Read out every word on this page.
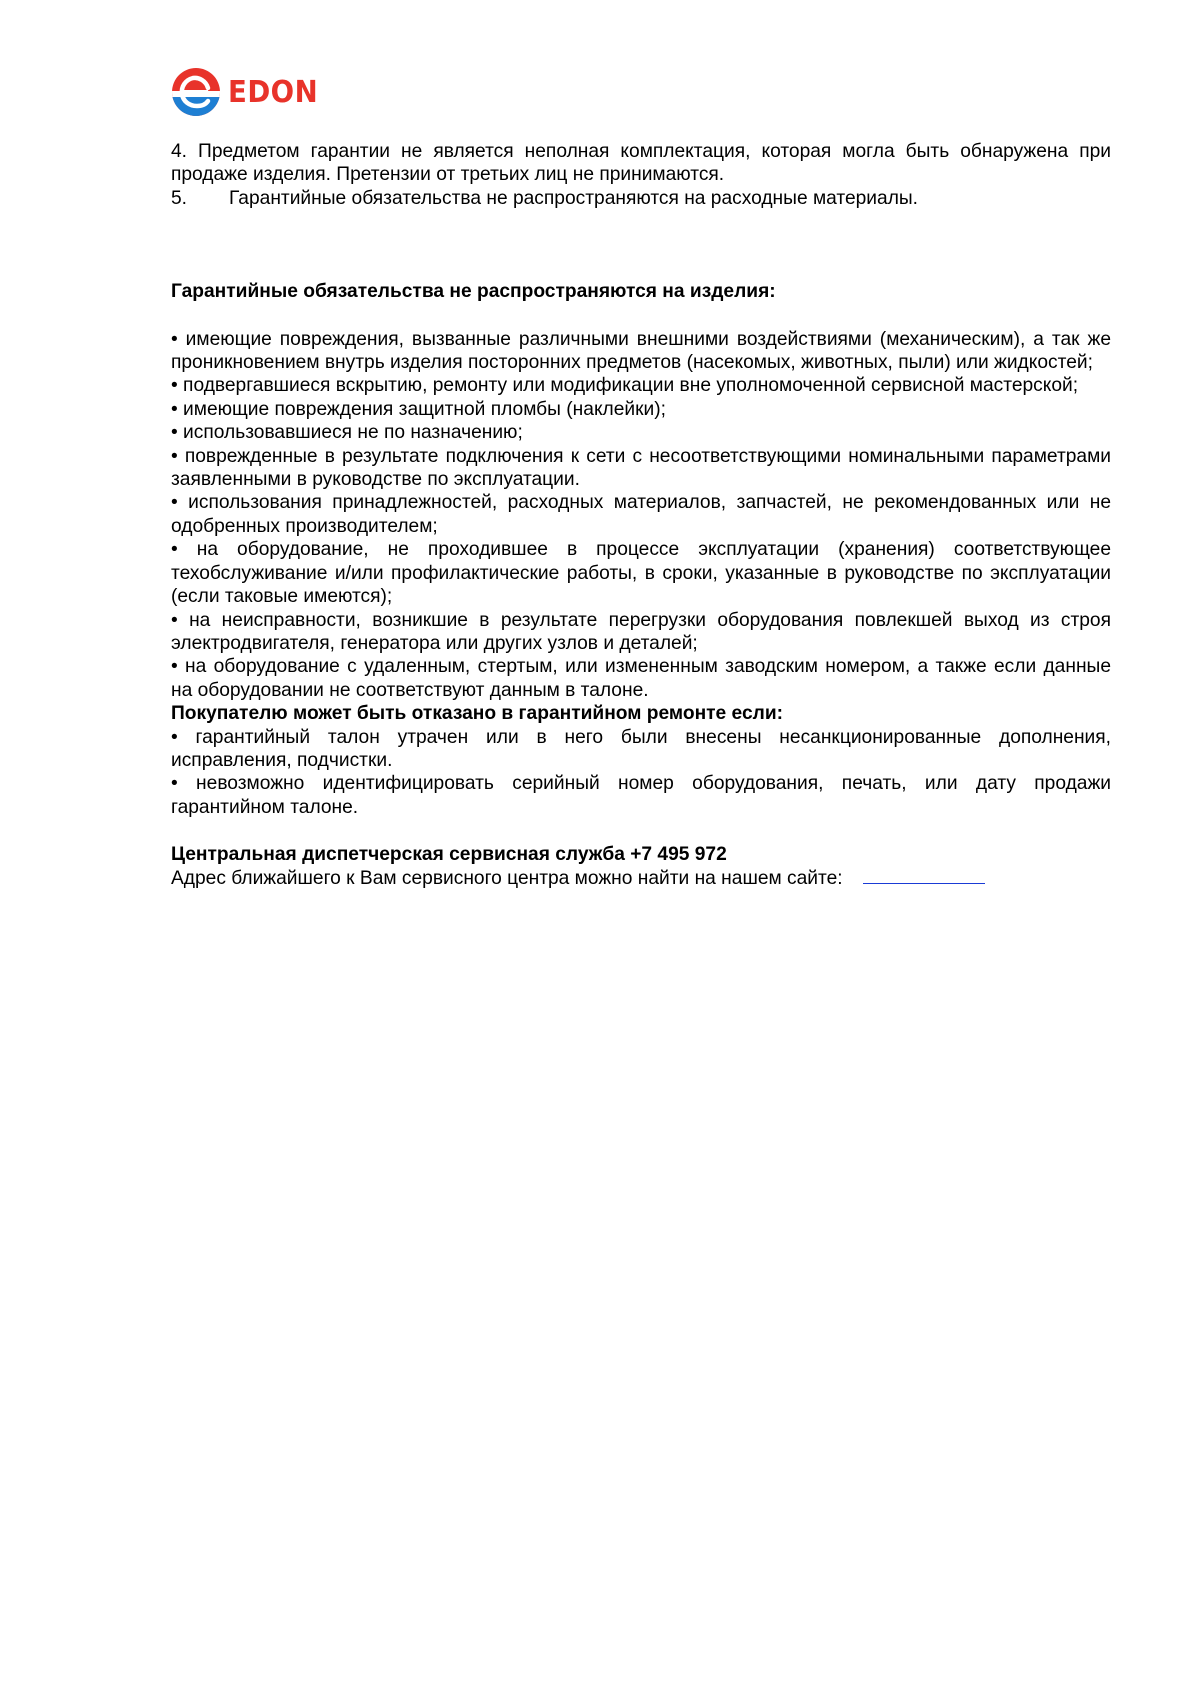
EDON

4. Предметом гарантии не является неполная комплектация, которая могла быть обнаружена при продаже изделия. Претензии от третьих лиц не принимаются.

5. Гарантийные обязательства не распространяются на расходные материалы.

Гарантийные обязательства не распространяются на изделия:

• имеющие повреждения, вызванные различными внешними воздействиями (механическим), а так же проникновением внутрь изделия посторонних предметов (насекомых, животных, пыли) или жидкостей;

• подвергавшиеся вскрытию, ремонту или модификации вне уполномоченной сервисной мастерской;

• имеющие повреждения защитной пломбы (наклейки);

• использовавшиеся не по назначению;

• поврежденные в результате подключения к сети с несоответствующими номинальными параметрами заявленными в руководстве по эксплуатации.

• использования принадлежностей, расходных материалов, запчастей, не рекомендованных или не одобренных производителем;

• на оборудование, не проходившее в процессе эксплуатации (хранения) соответствующее техобслуживание и/или профилактические работы, в сроки, указанные в руководстве по эксплуатации (если таковые имеются);

• на неисправности, возникшие в результате перегрузки оборудования повлекшей выход из строя электродвигателя, генератора или других узлов и деталей;

• на оборудование с удаленным, стертым, или измененным заводским номером, а также если данные на оборудовании не соответствуют данным в талоне.

Покупателю может быть отказано в гарантийном ремонте если:

• гарантийный талон утрачен или в него были внесены несанкционированные дополнения, исправления, подчистки.

• невозможно идентифицировать серийный номер оборудования, печать, или дату продажи гарантийном талоне.

Центральная диспетчерская сервисная служба +7 495 972

Адрес ближайшего к Вам сервисного центра можно найти на нашем сайте:
